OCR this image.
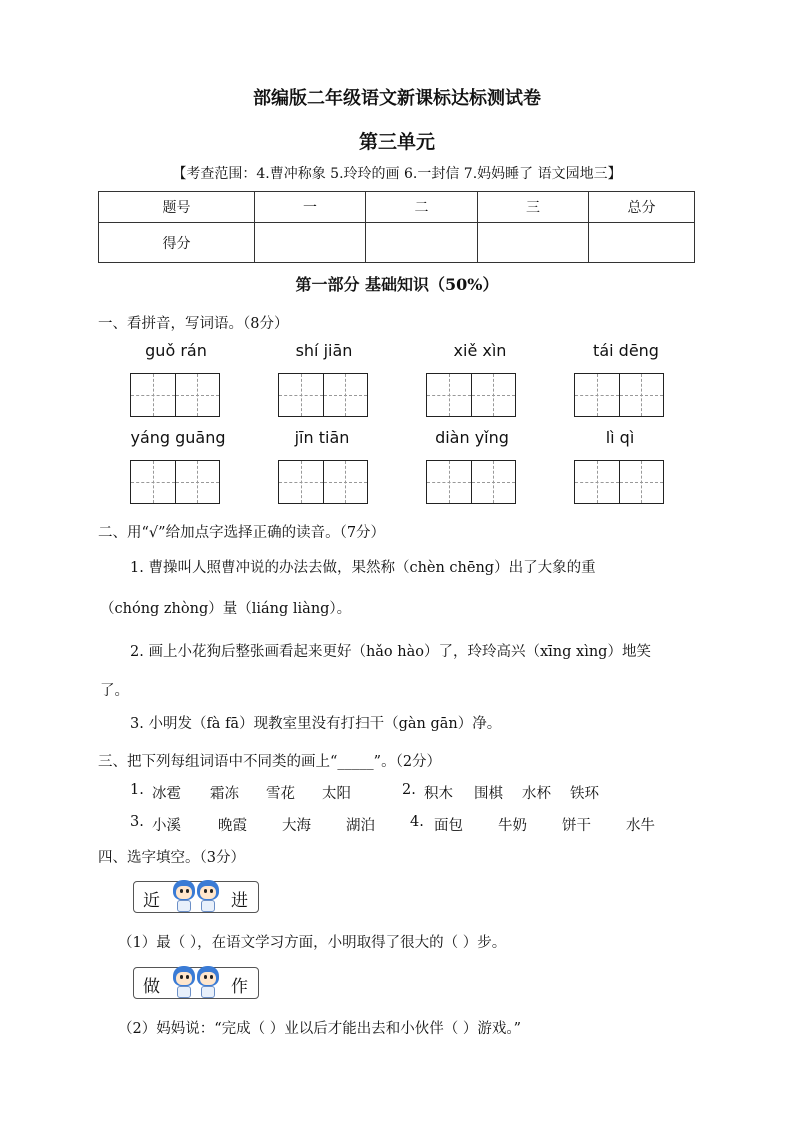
部编版二年级语文新课标达标测试卷
第三单元
【考查范围：4.曹冲称象 5.玲玲的画 6.一封信 7.妈妈睡了 语文园地三】
题号	一	二	三	总分
得分				
第一部分 基础知识（50%）
一、看拼音，写词语。（8分）
guǒ rán	shí jiān	xiě xìn	tái dēng
yáng guāng	jīn tiān	diàn yǐng	lì qì
二、用“√”给加点字选择正确的读音。（7分）
1. 曹操叫人照曹冲说的办法去做，果然称（chèn chēng）出了大象的重
（chóng zhòng）量（liáng liàng）。
2. 画上小花狗后整张画看起来更好（hǎo hào）了，玲玲高兴（xīng xìng）地笑
了。
3. 小明发（fà fā）现教室里没有打扫干（gàn gān）净。
三、把下列每组词语中不同类的画上“_____”。（2分）
1. 冰雹 霜冻 雪花 太阳	2. 积木 围棋 水杯 铁环
3. 小溪	晚霞 大海 湖泊 4. 面包 牛奶 饼干 水牛
四、选字填空。（3分）
近	进
（1）最（ ），在语文学习方面，小明取得了很大的（ ）步。
做	作
（2）妈妈说：“完成（ ）业以后才能出去和小伙伴（ ）游戏。”
